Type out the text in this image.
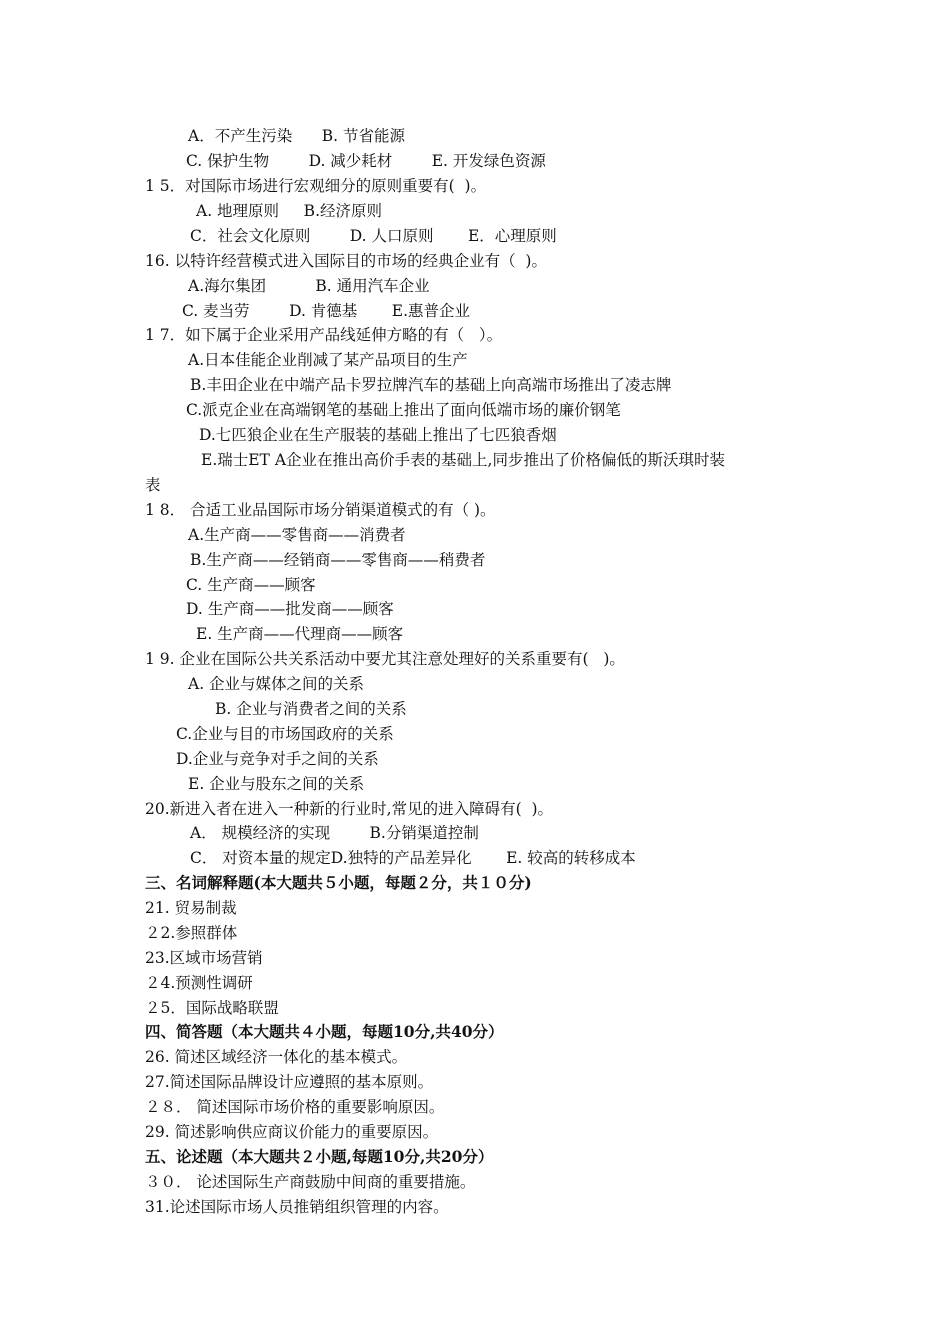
A．不产生污染      B. 节省能源
C. 保护生物        D. 减少耗材        E. 开发绿色资源
1 5．对国际市场进行宏观细分的原则重要有(  )。
A. 地理原则     B.经济原则
C．社会文化原则        D. 人口原则       E．心理原则
16. 以特许经营模式进入国际目的市场的经典企业有（  )。
A.海尔集团          B. 通用汽车企业
C. 麦当劳        D. 肯德基       E.惠普企业
1 7．如下属于企业采用产品线延伸方略的有（   ）。
A.日本佳能企业削减了某产品项目的生产
B.丰田企业在中端产品卡罗拉牌汽车的基础上向高端市场推出了凌志牌
C.派克企业在高端钢笔的基础上推出了面向低端市场的廉价钢笔
D.七匹狼企业在生产服装的基础上推出了七匹狼香烟
E.瑞士ET A企业在推出高价手表的基础上,同步推出了价格偏低的斯沃琪时装
表
1 8． 合适工业品国际市场分销渠道模式的有（ )。
A.生产商——零售商——消费者
B.生产商——经销商——零售商——稍费者
C. 生产商——顾客
D. 生产商——批发商——顾客
E. 生产商——代理商——顾客
1 9. 企业在国际公共关系活动中要尤其注意处理好的关系重要有(   )。
A. 企业与媒体之间的关系
B. 企业与消费者之间的关系
C.企业与目的市场国政府的关系
D.企业与竞争对手之间的关系
E. 企业与股东之间的关系
20.新进入者在进入一种新的行业时,常见的进入障碍有(  )。
A． 规模经济的实现        B.分销渠道控制
C． 对资本量的规定D.独特的产品差异化       E. 较高的转移成本
三、名词解释题(本大题共５小题，每题２分，共１０分)
21. 贸易制裁
２2.参照群体
23.区域市场营销
２4.预测性调研
２5．国际战略联盟
四、简答题（本大题共４小题，每题10分,共40分）
26. 简述区域经济一体化的基本模式。
27.简述国际品牌设计应遵照的基本原则。
２８． 简述国际市场价格的重要影响原因。
29. 简述影响供应商议价能力的重要原因。
五、论述题（本大题共２小题,每题10分,共20分）
３０． 论述国际生产商鼓励中间商的重要措施。
31.论述国际市场人员推销组织管理的内容。
